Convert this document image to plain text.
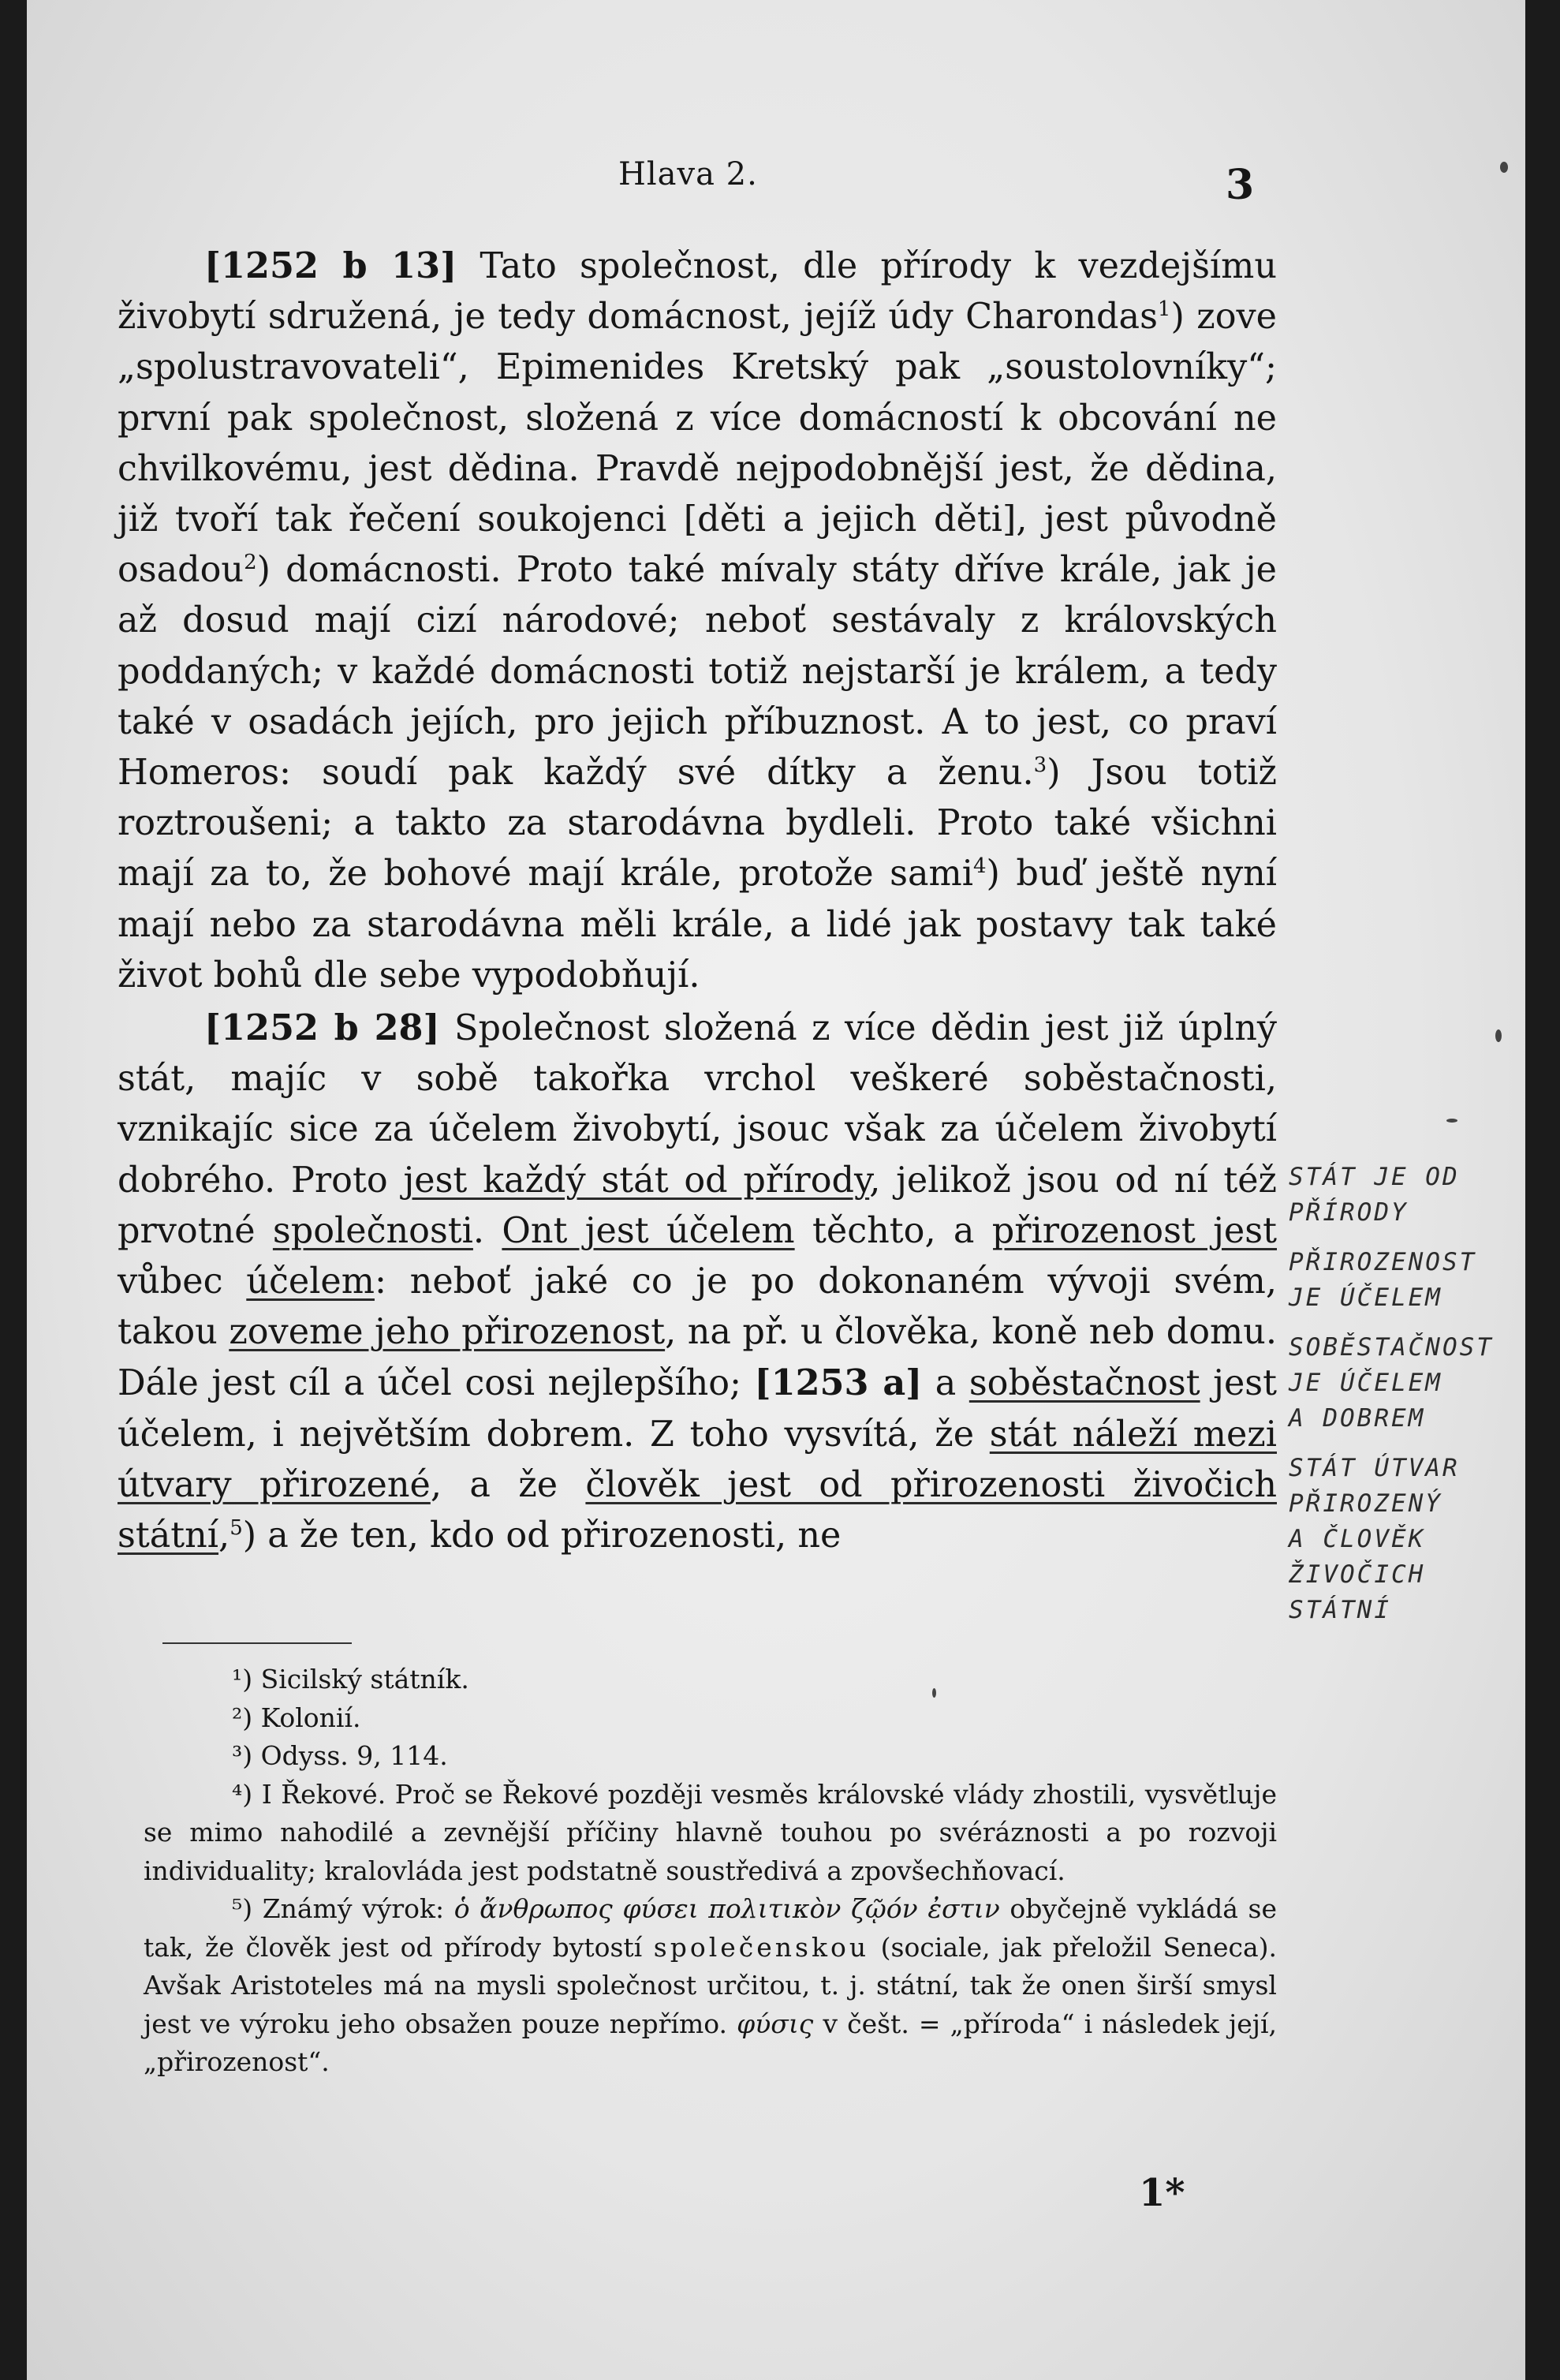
Hlava 2.	3

[1252 b 13] Tato společnost, dle přírody k vezdejšímu živobytí sdružená, je tedy domácnost, jejíž údy Charondas$^1$) zove „spolustravovateli“, Epimenides Kretský pak „soustolovníky“; první pak společnost, složená z více domácností k obcování ne chvilkovému, jest dědina. Pravdě nejpodobnější jest, že dědina, již tvoří tak řečení soukojenci [děti a jejich děti], jest původně osadou$^2$) domácnosti. Proto také mívaly státy dříve krále, jak je až dosud mají cizí národové; neboť sestávaly z královských poddaných; v každé domácnosti totiž nejstarší je králem, a tedy také v osadách jejích, pro jejich příbuznost. A to jest, co praví Homeros: soudí pak každý své dítky a ženu.$^3$) Jsou totiž roztroušeni; a takto za starodávna bydleli. Proto také všichni mají za to, že bohové mají krále, protože sami$^4$) buď ještě nyní mají nebo za starodávna měli krále, a lidé jak postavy tak také život bohů dle sebe vypodobňují.

[1252 b 28] Společnost složená z více dědin jest již úplný stát, majíc v sobě takořka vrchol veškeré soběstačnosti, vznikajíc sice za účelem živobytí, jsouc však za účelem živobytí dobrého. Proto jest každý stát od přírody, jelikož jsou od ní též prvotné společnosti. Ont jest účelem těchto, a přirozenost jest vůbec účelem: neboť jaké co je po dokonaném vývoji svém, takou zoveme jeho přirozenost, na př. u člověka, koně neb domu. Dále jest cíl a účel cosi nejlepšího; [1253 a] a soběstačnost jest účelem, i největším dobrem. Z toho vysvítá, že stát náleží mezi útvary přirozené, a že člověk jest od přirozenosti živočich státní,$^5$) a že ten, kdo od přirozenosti, ne

¹) Sicilský státník.

²) Kolonií.

³) Odyss. 9, 114.

⁴) I Řekové. Proč se Řekové později vesměs královské vlády zhostili, vysvětluje se mimo nahodilé a zevnější příčiny hlavně touhou po svéráznosti a po rozvoji individuality; kralovláda jest podstatně soustředivá a zpovšechňovací.

⁵) Známý výrok: ὁ ἄνθρωπος φύσει πολιτικὸν ζῷόν ἐστιν obyčejně vykládá se tak, že člověk jest od přírody bytostí společenskou (sociale, jak přeložil Seneca). Avšak Aristoteles má na mysli společnost určitou, t. j. státní, tak že onen širší smysl jest ve výroku jeho obsažen pouze nepřímo. φύσις v češt. = „příroda“ i následek její, „přirozenost“.

1*
STÁT JE OD
PŘÍRODY
PŘIROZENOST
JE ÚČELEM
SOBĚSTAČNOST
JE ÚČELEM
A DOBREM
STÁT ÚTVAR
PŘIROZENÝ
A ČLOVĚK
ŽIVOČICH
STÁTNÍ
